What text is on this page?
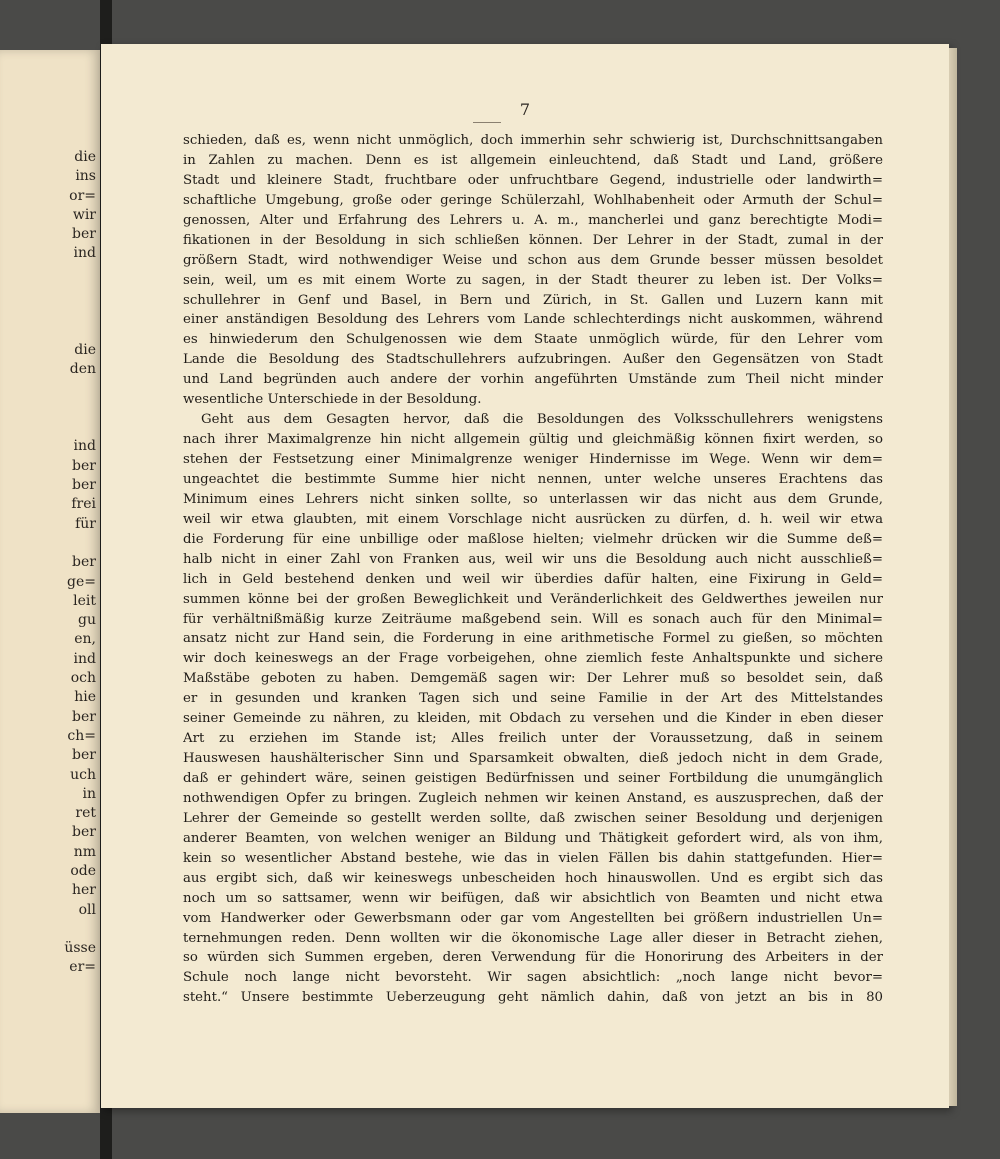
die
ins
or=
wir
ber
ind
die
den
ind
ber
ber
frei
für
ber
ge=
leit
gu
en,
ind
och
hie
ber
ch=
ber
uch
in
ret
ber
nm
ode
her
oll
üsse
er=
7
schieden, daß es, wenn nicht unmöglich, doch immerhin sehr schwierig ist, Durchschnittsangaben
in Zahlen zu machen. Denn es ist allgemein einleuchtend, daß Stadt und Land, größere
Stadt und kleinere Stadt, fruchtbare oder unfruchtbare Gegend, industrielle oder landwirth=
schaftliche Umgebung, große oder geringe Schülerzahl, Wohlhabenheit oder Armuth der Schul=
genossen, Alter und Erfahrung des Lehrers u. A. m., mancherlei und ganz berechtigte Modi=
fikationen in der Besoldung in sich schließen können. Der Lehrer in der Stadt, zumal in der
größern Stadt, wird nothwendiger Weise und schon aus dem Grunde besser müssen besoldet
sein, weil, um es mit einem Worte zu sagen, in der Stadt theurer zu leben ist. Der Volks=
schullehrer in Genf und Basel, in Bern und Zürich, in St. Gallen und Luzern kann mit
einer anständigen Besoldung des Lehrers vom Lande schlechterdings nicht auskommen, während
es hinwiederum den Schulgenossen wie dem Staate unmöglich würde, für den Lehrer vom
Lande die Besoldung des Stadtschullehrers aufzubringen. Außer den Gegensätzen von Stadt
und Land begründen auch andere der vorhin angeführten Umstände zum Theil nicht minder
wesentliche Unterschiede in der Besoldung.
Geht aus dem Gesagten hervor, daß die Besoldungen des Volksschullehrers wenigstens
nach ihrer Maximalgrenze hin nicht allgemein gültig und gleichmäßig können fixirt werden, so
stehen der Festsetzung einer Minimalgrenze weniger Hindernisse im Wege. Wenn wir dem=
ungeachtet die bestimmte Summe hier nicht nennen, unter welche unseres Erachtens das
Minimum eines Lehrers nicht sinken sollte, so unterlassen wir das nicht aus dem Grunde,
weil wir etwa glaubten, mit einem Vorschlage nicht ausrücken zu dürfen, d. h. weil wir etwa
die Forderung für eine unbillige oder maßlose hielten; vielmehr drücken wir die Summe deß=
halb nicht in einer Zahl von Franken aus, weil wir uns die Besoldung auch nicht ausschließ=
lich in Geld bestehend denken und weil wir überdies dafür halten, eine Fixirung in Geld=
summen könne bei der großen Beweglichkeit und Veränderlichkeit des Geldwerthes jeweilen nur
für verhältnißmäßig kurze Zeiträume maßgebend sein. Will es sonach auch für den Minimal=
ansatz nicht zur Hand sein, die Forderung in eine arithmetische Formel zu gießen, so möchten
wir doch keineswegs an der Frage vorbeigehen, ohne ziemlich feste Anhaltspunkte und sichere
Maßstäbe geboten zu haben. Demgemäß sagen wir: Der Lehrer muß so besoldet sein, daß
er in gesunden und kranken Tagen sich und seine Familie in der Art des Mittelstandes
seiner Gemeinde zu nähren, zu kleiden, mit Obdach zu versehen und die Kinder in eben dieser
Art zu erziehen im Stande ist; Alles freilich unter der Voraussetzung, daß in seinem
Hauswesen haushälterischer Sinn und Sparsamkeit obwalten, dieß jedoch nicht in dem Grade,
daß er gehindert wäre, seinen geistigen Bedürfnissen und seiner Fortbildung die unumgänglich
nothwendigen Opfer zu bringen. Zugleich nehmen wir keinen Anstand, es auszusprechen, daß der
Lehrer der Gemeinde so gestellt werden sollte, daß zwischen seiner Besoldung und derjenigen
anderer Beamten, von welchen weniger an Bildung und Thätigkeit gefordert wird, als von ihm,
kein so wesentlicher Abstand bestehe, wie das in vielen Fällen bis dahin stattgefunden. Hier=
aus ergibt sich, daß wir keineswegs unbescheiden hoch hinauswollen. Und es ergibt sich das
noch um so sattsamer, wenn wir beifügen, daß wir absichtlich von Beamten und nicht etwa
vom Handwerker oder Gewerbsmann oder gar vom Angestellten bei größern industriellen Un=
ternehmungen reden. Denn wollten wir die ökonomische Lage aller dieser in Betracht ziehen,
so würden sich Summen ergeben, deren Verwendung für die Honorirung des Arbeiters in der
Schule noch lange nicht bevorsteht. Wir sagen absichtlich: „noch lange nicht bevor=
steht.“ Unsere bestimmte Ueberzeugung geht nämlich dahin, daß von jetzt an bis in 80
